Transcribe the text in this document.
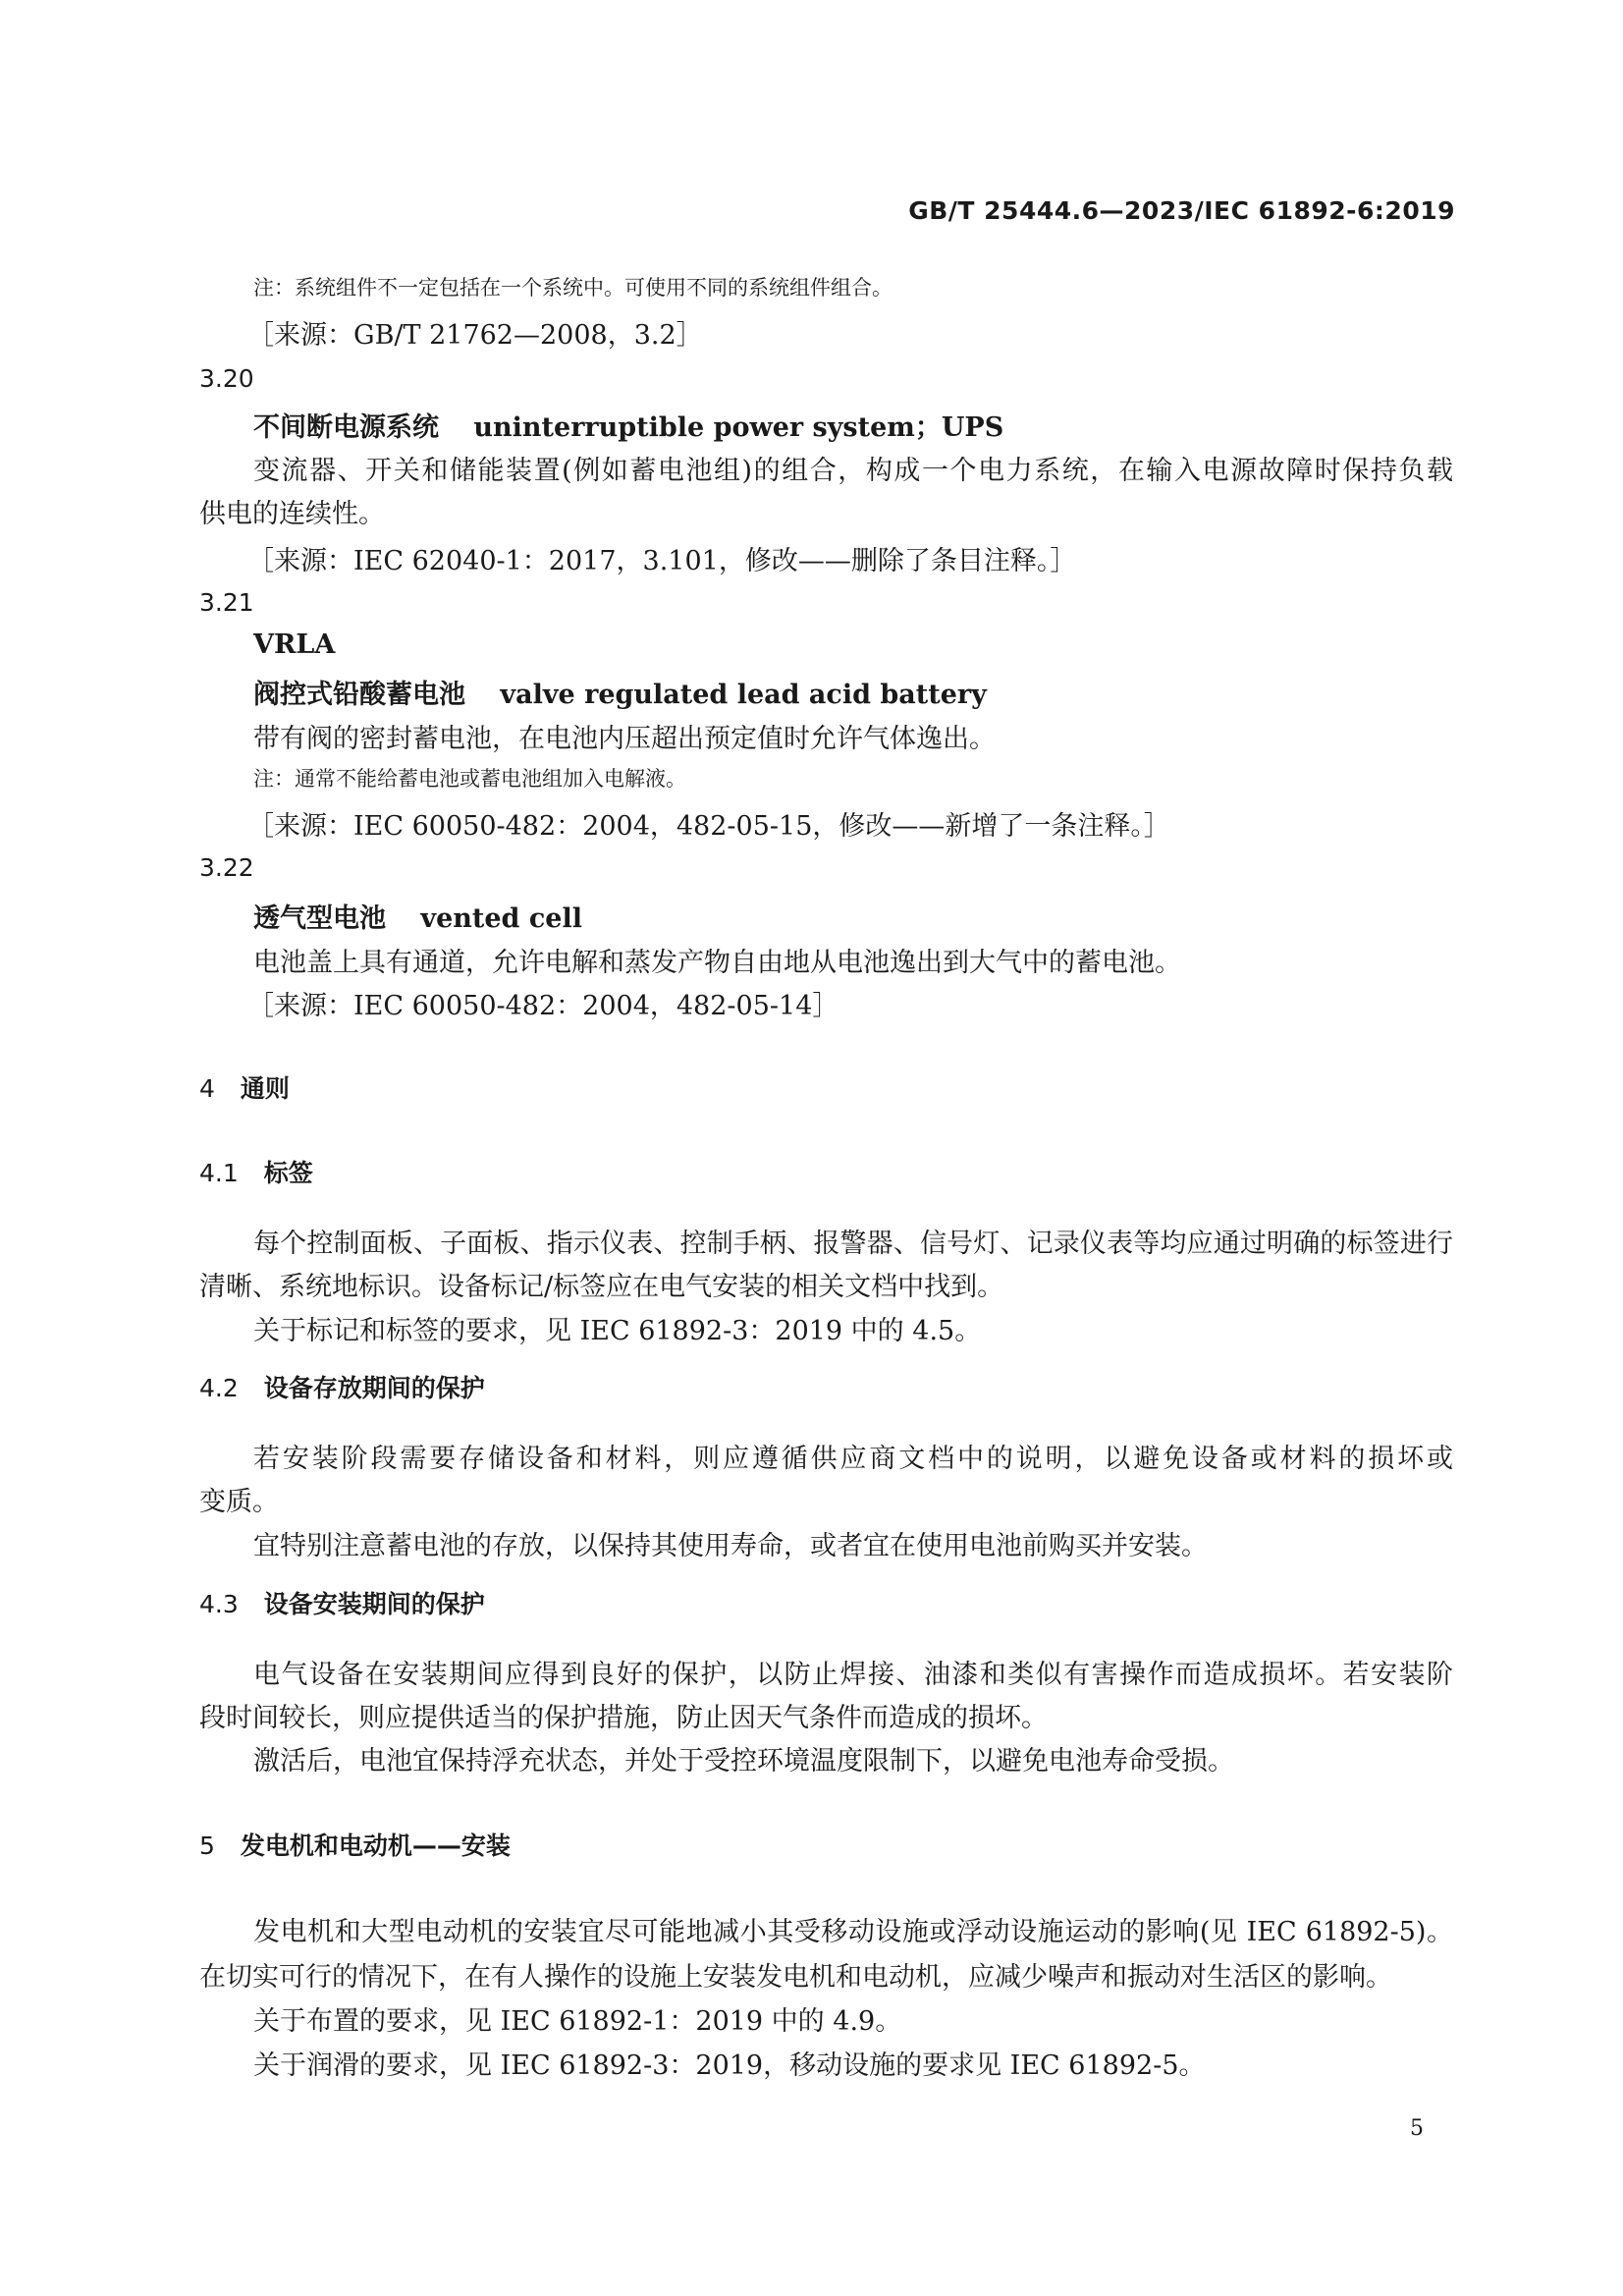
GB/T 25444.6—2023/IEC 61892-6:2019
注：系统组件不一定包括在一个系统中。可使用不同的系统组件组合。
［来源：GB/T 21762—2008，3.2］
3.20
不间断电源系统 uninterruptible power system；UPS
变流器、开关和储能装置(例如蓄电池组)的组合，构成一个电力系统，在输入电源故障时保持负载
供电的连续性。
［来源：IEC 62040-1：2017，3.101，修改——删除了条目注释。］
3.21
VRLA
阀控式铅酸蓄电池 valve regulated lead acid battery
带有阀的密封蓄电池，在电池内压超出预定值时允许气体逸出。
注：通常不能给蓄电池或蓄电池组加入电解液。
［来源：IEC 60050-482：2004，482-05-15，修改——新增了一条注释。］
3.22
透气型电池 vented cell
电池盖上具有通道，允许电解和蒸发产物自由地从电池逸出到大气中的蓄电池。
［来源：IEC 60050-482：2004，482-05-14］
4 通则
4.1 标签
每个控制面板、子面板、指示仪表、控制手柄、报警器、信号灯、记录仪表等均应通过明确的标签进行
清晰、系统地标识。设备标记/标签应在电气安装的相关文档中找到。
关于标记和标签的要求，见 IEC 61892-3：2019 中的 4.5。
4.2 设备存放期间的保护
若安装阶段需要存储设备和材料，则应遵循供应商文档中的说明，以避免设备或材料的损坏或
变质。
宜特别注意蓄电池的存放，以保持其使用寿命，或者宜在使用电池前购买并安装。
4.3 设备安装期间的保护
电气设备在安装期间应得到良好的保护，以防止焊接、油漆和类似有害操作而造成损坏。若安装阶
段时间较长，则应提供适当的保护措施，防止因天气条件而造成的损坏。
激活后，电池宜保持浮充状态，并处于受控环境温度限制下，以避免电池寿命受损。
5 发电机和电动机——安装
发电机和大型电动机的安装宜尽可能地减小其受移动设施或浮动设施运动的影响(见 IEC 61892-5)。
在切实可行的情况下，在有人操作的设施上安装发电机和电动机，应减少噪声和振动对生活区的影响。
关于布置的要求，见 IEC 61892-1：2019 中的 4.9。
关于润滑的要求，见 IEC 61892-3：2019，移动设施的要求见 IEC 61892-5。
5
